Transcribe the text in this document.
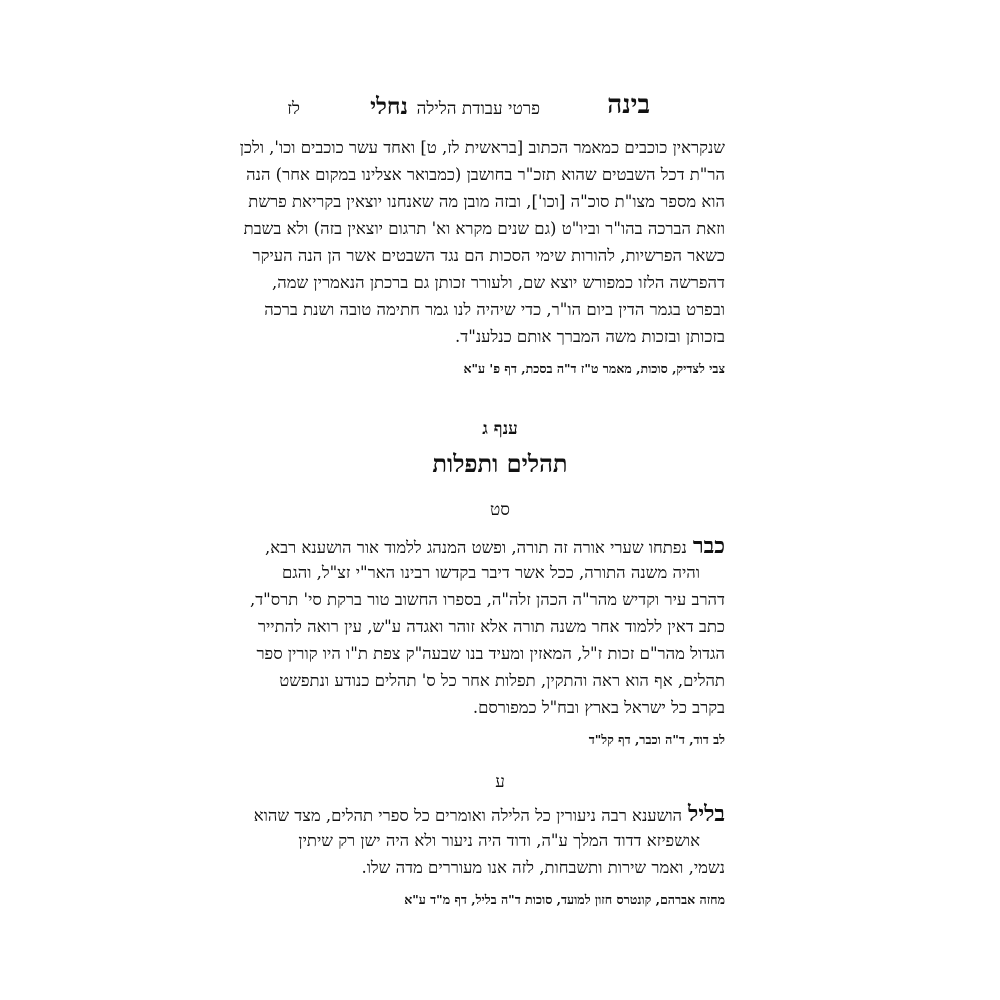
נחלי פרטי עבודת הלילה	בינה
לז
שנקראין כוכבים כמאמר הכתוב [בראשית לז, ט] ואחד עשר כוכבים וכו', ולכן
הר"ת דכל השבטים שהוא תזכ"ר בחושבן (כמבואר אצלינו במקום אחר) הנה
הוא מספר מצו"ת סוכ"ה [וכו'], ובזה מובן מה שאנחנו יוצאין בקריאת פרשת
וזאת הברכה בהו"ר וביו"ט (גם שנים מקרא וא' תרגום יוצאין בזה) ולא בשבת
כשאר הפרשיות, להורות שימי הסכות הם נגד השבטים אשר הן הנה העיקר
דהפרשה הלזו כמפורש יוצא שם, ולעורר זכותן גם ברכתן הנאמרין שמה,
ובפרט בגמר הדין ביום הו"ר, כדי שיהיה לנו גמר חתימה טובה ושנת ברכה
בזכותן ובזכות משה המברך אותם כנלענ"ד.
צבי לצדיק, סוכות, מאמר ט"ז ד"ה בסכת, דף פ' ע"א
ענף ג
תהלים ותפלות
סט
כברנפתחו שערי אורה זה תורה, ופשט המנהג ללמוד אור הושענא רבא,
והיה משנה התורה, ככל אשר דיבר בקדשו רבינו האר"י זצ"ל, והגם
דהרב עיר וקדיש מהר"ה הכהן זלה"ה, בספרו החשוב טור ברקת סי' תרס"ד,
כתב דאין ללמוד אחר משנה תורה אלא זוהר ואגדה ע"ש, עין רואה להתייר
הגדול מהר"ם זכות ז"ל, המאזין ומעיד בנו שבעה"ק צפת ת"ו היו קורין ספר
תהלים, אף הוא ראה והתקין, תפלות אחר כל ס' תהלים כנודע ונתפשט
בקרב כל ישראל בארץ ובח"ל כמפורסם.
לב דוד, ד"ה וכבר, דף קל"ד
ע
בלילהושענא רבה ניעורין כל הלילה ואומרים כל ספרי תהלים, מצד שהוא
אושפיזא דדוד המלך ע"ה, ודוד היה ניעור ולא היה ישן רק שיתין
נשמי, ואמר שירות ותשבחות, לזה אנו מעוררים מדה שלו.
מחזה אברהם, קונטרס חזון למועד, סוכות ד"ה בליל, דף מ"ד ע"א
